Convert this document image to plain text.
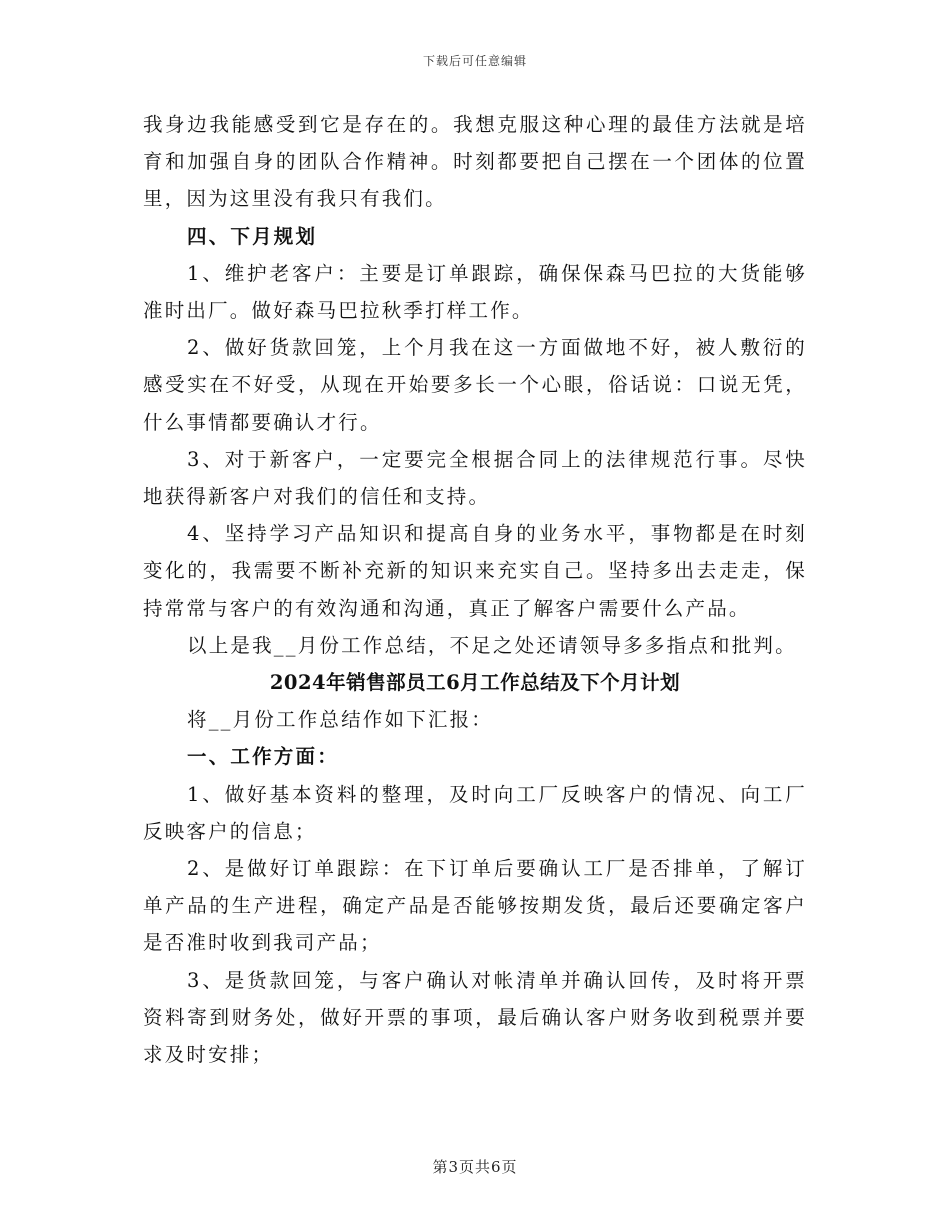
下载后可任意编辑

我身边我能感受到它是存在的。我想克服这种心理的最佳方法就是培育和加强自身的团队合作精神。时刻都要把自己摆在一个团体的位置里，因为这里没有我只有我们。

四、下月规划

1、维护老客户：主要是订单跟踪，确保保森马巴拉的大货能够准时出厂。做好森马巴拉秋季打样工作。

2、做好货款回笼，上个月我在这一方面做地不好，被人敷衍的感受实在不好受，从现在开始要多长一个心眼，俗话说：口说无凭，什么事情都要确认才行。

3、对于新客户，一定要完全根据合同上的法律规范行事。尽快地获得新客户对我们的信任和支持。

4、坚持学习产品知识和提高自身的业务水平，事物都是在时刻变化的，我需要不断补充新的知识来充实自己。坚持多出去走走，保持常常与客户的有效沟通和沟通，真正了解客户需要什么产品。

以上是我__月份工作总结，不足之处还请领导多多指点和批判。

2024年销售部员工6月工作总结及下个月计划

将__月份工作总结作如下汇报：

一、工作方面：

1、做好基本资料的整理，及时向工厂反映客户的情况、向工厂反映客户的信息；

2、是做好订单跟踪：在下订单后要确认工厂是否排单，了解订单产品的生产进程，确定产品是否能够按期发货，最后还要确定客户是否准时收到我司产品；

3、是货款回笼，与客户确认对帐清单并确认回传，及时将开票资料寄到财务处，做好开票的事项，最后确认客户财务收到税票并要求及时安排；

第3页共6页
